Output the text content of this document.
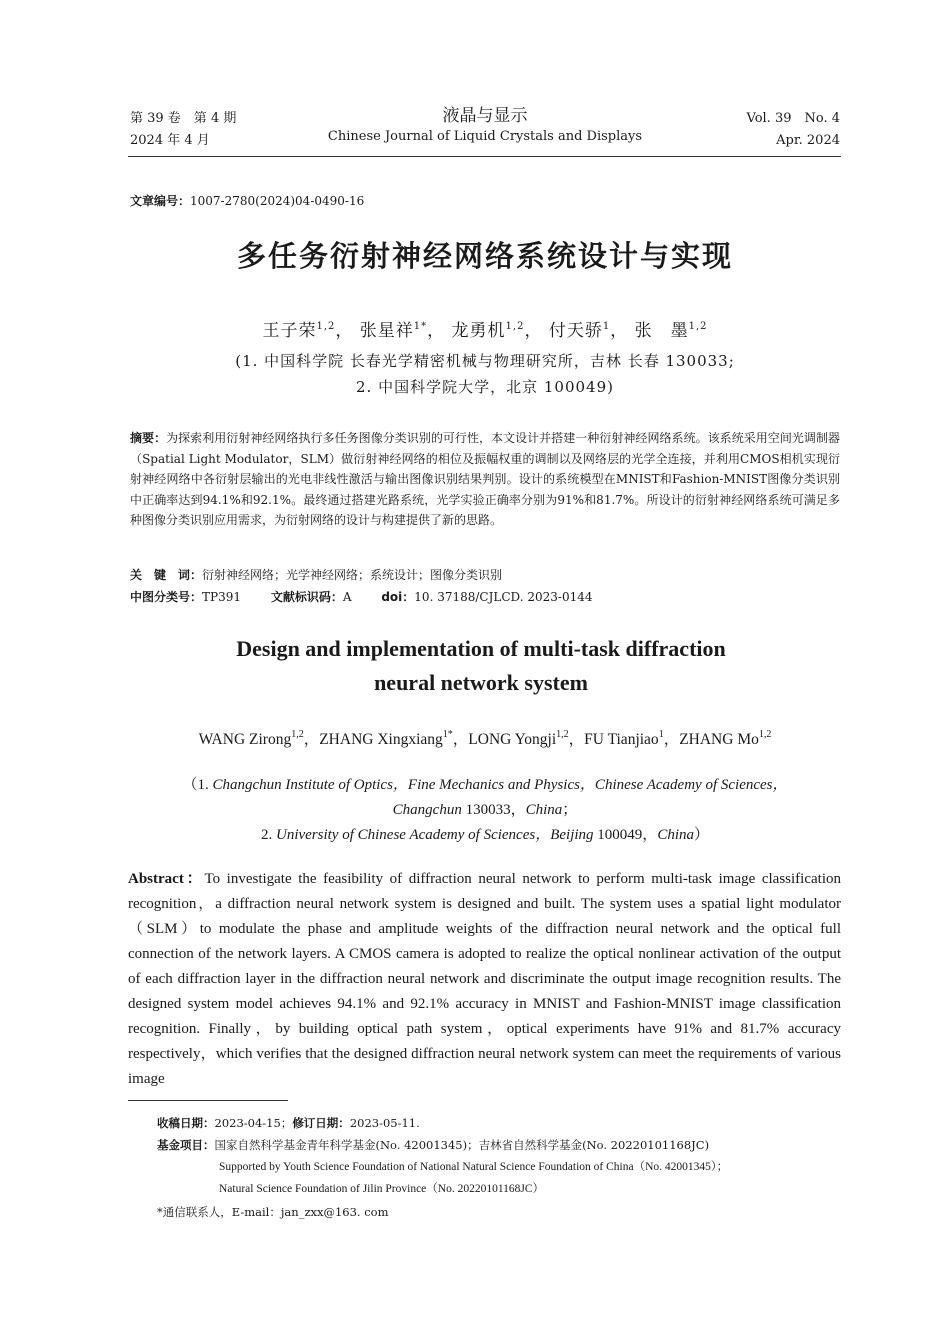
第 39 卷　第 4 期
2024 年 4 月
液晶与显示
Chinese Journal of Liquid Crystals and Displays
Vol. 39　No. 4
Apr. 2024
文章编号：1007-2780(2024)04-0490-16
多任务衍射神经网络系统设计与实现
王子荣$^{1,2}$， 张星祥$^{1*}$， 龙勇机$^{1,2}$， 付天骄$^1$， 张　墨$^{1,2}$
(1. 中国科学院 长春光学精密机械与物理研究所，吉林 长春 130033;
2. 中国科学院大学，北京 100049)
摘要：为探索利用衍射神经网络执行多任务图像分类识别的可行性，本文设计并搭建一种衍射神经网络系统。该系统采用空间光调制器（Spatial Light Modulator，SLM）做衍射神经网络的相位及振幅权重的调制以及网络层的光学全连接，并利用CMOS相机实现衍射神经网络中各衍射层输出的光电非线性激活与输出图像识别结果判别。设计的系统模型在MNIST和Fashion-MNIST图像分类识别中正确率达到94.1%和92.1%。最终通过搭建光路系统，光学实验正确率分别为91%和81.7%。所设计的衍射神经网络系统可满足多种图像分类识别应用需求，为衍射网络的设计与构建提供了新的思路。
关　键　词：衍射神经网络；光学神经网络；系统设计；图像分类识别
中图分类号：TP391 文献标识码：A doi：10. 37188/CJLCD. 2023-0144
Design and implementation of multi-task diffraction
neural network system
WANG Zirong$^{1,2}$，ZHANG Xingxiang$^{1*}$，LONG Yongji$^{1,2}$，FU Tianjiao$^1$，ZHANG Mo$^{1,2}$
（1. Changchun Institute of Optics，Fine Mechanics and Physics，Chinese Academy of Sciences，
Changchun 130033，China；
2. University of Chinese Academy of Sciences，Beijing 100049，China）
Abstract：To investigate the feasibility of diffraction neural network to perform multi-task image classification recognition，a diffraction neural network system is designed and built. The system uses a spatial light modulator（SLM）to modulate the phase and amplitude weights of the diffraction neural network and the optical full connection of the network layers. A CMOS camera is adopted to realize the optical nonlinear activation of the output of each diffraction layer in the diffraction neural network and discriminate the output image recognition results. The designed system model achieves 94.1% and 92.1% accuracy in MNIST and Fashion-MNIST image classification recognition. Finally，by building optical path system，optical experiments have 91% and 81.7% accuracy respectively，which verifies that the designed diffraction neural network system can meet the requirements of various image
收稿日期：2023-04-15；修订日期：2023-05-11.
基金项目：国家自然科学基金青年科学基金(No. 42001345)；吉林省自然科学基金(No. 20220101168JC)
Supported by Youth Science Foundation of National Natural Science Foundation of China（No. 42001345）；
Natural Science Foundation of Jilin Province（No. 20220101168JC）
*通信联系人，E-mail：jan_zxx@163. com
